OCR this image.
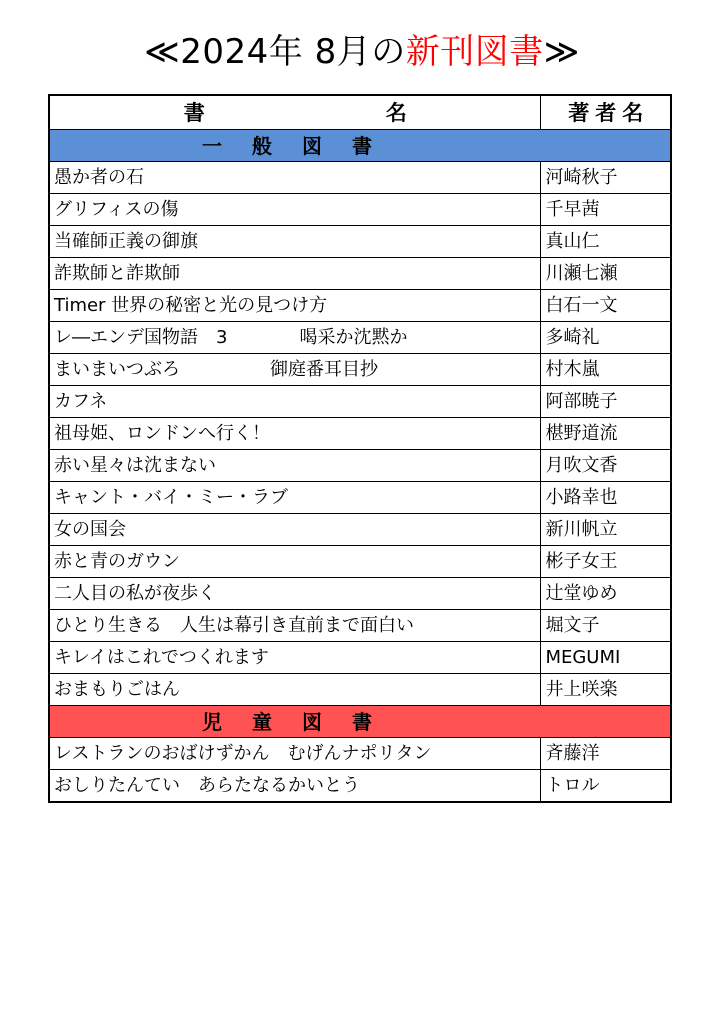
≪2024年 8月の新刊図書≫
書　名	著者名
一般図書	
愚か者の石	河崎秋子
グリフィスの傷	千早茜
当確師正義の御旗	真山仁
詐欺師と詐欺師	川瀬七瀬
Timer 世界の秘密と光の見つけ方	白石一文
レ―エンデ国物語　3　　　　喝采か沈黙か	多崎礼
まいまいつぶろ　　　　　御庭番耳目抄	村木嵐
カフネ	阿部暁子
祖母姫、ロンドンへ行く！	椹野道流
赤い星々は沈まない	月吹文香
キャント・バイ・ミー・ラブ	小路幸也
女の国会	新川帆立
赤と青のガウン	彬子女王
二人目の私が夜歩く	辻堂ゆめ
ひとり生きる　人生は幕引き直前まで面白い	堀文子
キレイはこれでつくれます	MEGUMI
おまもりごはん	井上咲楽
児童図書	
レストランのおばけずかん　むげんナポリタン	斉藤洋
おしりたんてい　あらたなるかいとう	トロル
